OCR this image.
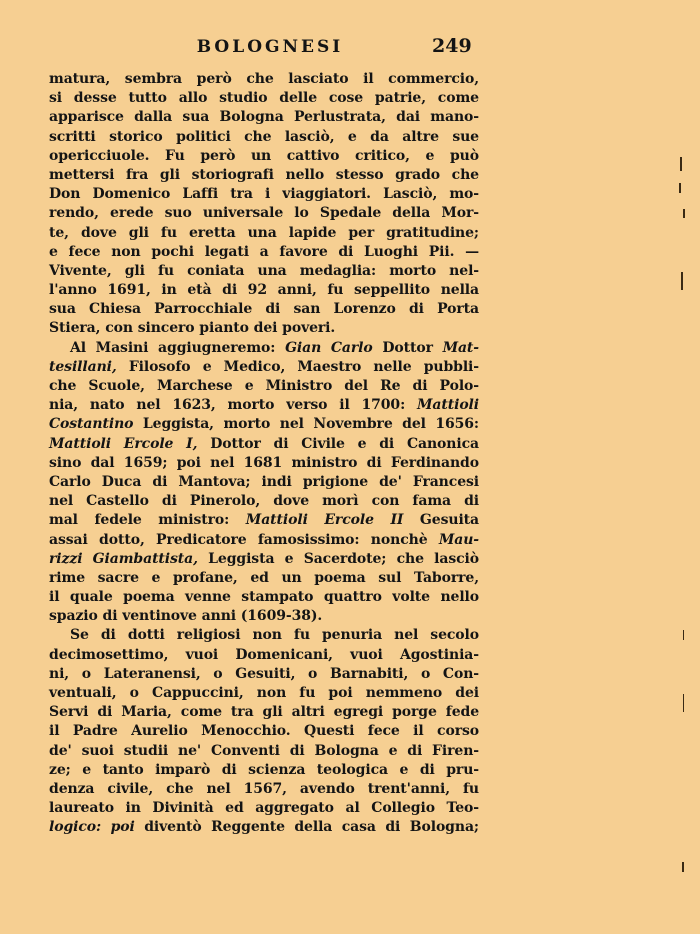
BOLOGNESI	249
matura, sembra però che lasciato il commercio,
si desse tutto allo studio delle cose patrie, come
apparisce dalla sua Bologna Perlustrata, dai mano-
scritti storico politici che lasciò, e da altre sue
opericciuole. Fu però un cattivo critico, e può
mettersi fra gli storiografi nello stesso grado che
Don Domenico Laffi tra i viaggiatori. Lasciò, mo-
rendo, erede suo universale lo Spedale della Mor-
te, dove gli fu eretta una lapide per gratitudine;
e fece non pochi legati a favore di Luoghi Pii. —
Vivente, gli fu coniata una medaglia: morto nel-
l'anno 1691, in età di 92 anni, fu seppellito nella
sua Chiesa Parrocchiale di san Lorenzo di Porta
Stiera, con sincero pianto dei poveri.
Al Masini aggiugneremo: Gian Carlo Dottor Mat-
tesillani, Filosofo e Medico, Maestro nelle pubbli-
che Scuole, Marchese e Ministro del Re di Polo-
nia, nato nel 1623, morto verso il 1700: Mattioli
Costantino Leggista, morto nel Novembre del 1656:
Mattioli Ercole I, Dottor di Civile e di Canonica
sino dal 1659; poi nel 1681 ministro di Ferdinando
Carlo Duca di Mantova; indi prigione de' Francesi
nel Castello di Pinerolo, dove morì con fama di
mal fedele ministro: Mattioli Ercole II Gesuita
assai dotto, Predicatore famosissimo: nonchè Mau-
rizzi Giambattista, Leggista e Sacerdote; che lasciò
rime sacre e profane, ed un poema sul Taborre,
il quale poema venne stampato quattro volte nello
spazio di ventinove anni (1609-38).
Se di dotti religiosi non fu penuria nel secolo
decimosettimo, vuoi Domenicani, vuoi Agostinia-
ni, o Lateranensi, o Gesuiti, o Barnabiti, o Con-
ventuali, o Cappuccini, non fu poi nemmeno dei
Servi di Maria, come tra gli altri egregi porge fede
il Padre Aurelio Menocchio. Questi fece il corso
de' suoi studii ne' Conventi di Bologna e di Firen-
ze; e tanto imparò di scienza teologica e di pru-
denza civile, che nel 1567, avendo trent'anni, fu
laureato in Divinità ed aggregato al Collegio Teo-
logico: poi diventò Reggente della casa di Bologna;
